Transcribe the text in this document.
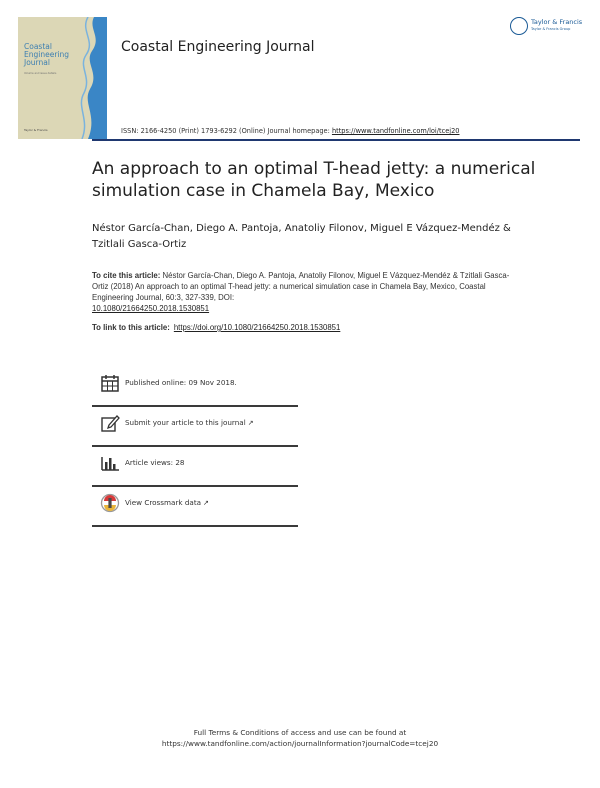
Coastal Engineering Journal
Volume and issue details
Taylor & Francis
Coastal Engineering Journal
Taylor & Francis
Taylor & Francis Group
ISSN: 2166-4250 (Print) 1793-6292 (Online) Journal homepage: https://www.tandfonline.com/loi/tcej20
An approach to an optimal T-head jetty: a numerical simulation case in Chamela Bay, Mexico
Néstor García-Chan, Diego A. Pantoja, Anatoliy Filonov, Miguel E Vázquez-Mendéz & Tzitlali Gasca-Ortiz
To cite this article: Néstor García-Chan, Diego A. Pantoja, Anatoliy Filonov, Miguel E Vázquez-Mendéz & Tzitlali Gasca-Ortiz (2018) An approach to an optimal T-head jetty: a numerical simulation case in Chamela Bay, Mexico, Coastal Engineering Journal, 60:3, 327-339, DOI:
10.1080/21664250.2018.1530851
To link to this article: https://doi.org/10.1080/21664250.2018.1530851
Published online: 09 Nov 2018.
Submit your article to this journal ↗
Article views: 28
View Crossmark data ↗
Full Terms & Conditions of access and use can be found at
https://www.tandfonline.com/action/journalInformation?journalCode=tcej20
